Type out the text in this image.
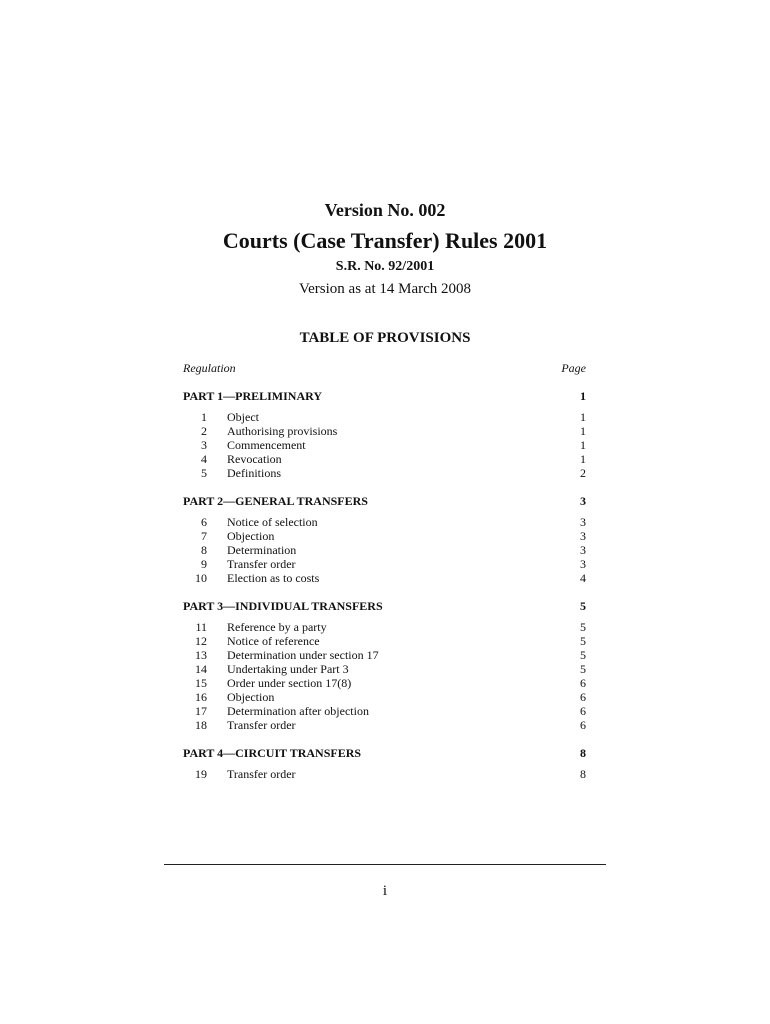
Version No. 002
Courts (Case Transfer) Rules 2001
S.R. No. 92/2001
Version as at 14 March 2008
TABLE OF PROVISIONS
Regulation	Page
PART 1—PRELIMINARY	1
1	Object	1
2	Authorising provisions	1
3	Commencement	1
4	Revocation	1
5	Definitions	2
PART 2—GENERAL TRANSFERS	3
6	Notice of selection	3
7	Objection	3
8	Determination	3
9	Transfer order	3
10	Election as to costs	4
PART 3—INDIVIDUAL TRANSFERS	5
11	Reference by a party	5
12	Notice of reference	5
13	Determination under section 17	5
14	Undertaking under Part 3	5
15	Order under section 17(8)	6
16	Objection	6
17	Determination after objection	6
18	Transfer order	6
PART 4—CIRCUIT TRANSFERS	8
19	Transfer order	8
i
